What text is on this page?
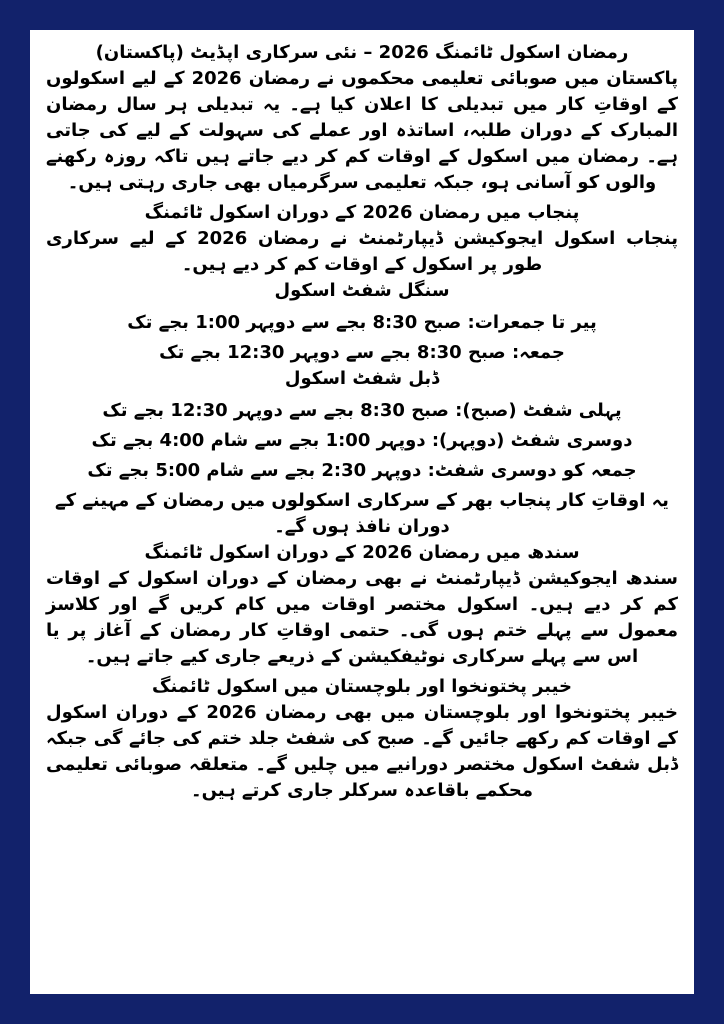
رمضان اسکول ٹائمنگ 2026 – نئی سرکاری اپڈیٹ (پاکستان)

پاکستان میں صوبائی تعلیمی محکموں نے رمضان 2026 کے لیے اسکولوں کے اوقاتِ کار میں تبدیلی کا اعلان کیا ہے۔ یہ تبدیلی ہر سال رمضان المبارک کے دوران طلبہ، اساتذہ اور عملے کی سہولت کے لیے کی جاتی ہے۔ رمضان میں اسکول کے اوقات کم کر دیے جاتے ہیں تاکہ روزہ رکھنے والوں کو آسانی ہو، جبکہ تعلیمی سرگرمیاں بھی جاری رہتی ہیں۔

پنجاب میں رمضان 2026 کے دوران اسکول ٹائمنگ

پنجاب اسکول ایجوکیشن ڈیپارٹمنٹ نے رمضان 2026 کے لیے سرکاری طور پر اسکول کے اوقات کم کر دیے ہیں۔

سنگل شفٹ اسکول

پیر تا جمعرات: صبح 8:30 بجے سے دوپہر 1:00 بجے تک

جمعہ: صبح 8:30 بجے سے دوپہر 12:30 بجے تک

ڈبل شفٹ اسکول

پہلی شفٹ (صبح): صبح 8:30 بجے سے دوپہر 12:30 بجے تک

دوسری شفٹ (دوپہر): دوپہر 1:00 بجے سے شام 4:00 بجے تک

جمعہ کو دوسری شفٹ: دوپہر 2:30 بجے سے شام 5:00 بجے تک

یہ اوقاتِ کار پنجاب بھر کے سرکاری اسکولوں میں رمضان کے مہینے کے دوران نافذ ہوں گے۔

سندھ میں رمضان 2026 کے دوران اسکول ٹائمنگ

سندھ ایجوکیشن ڈیپارٹمنٹ نے بھی رمضان کے دوران اسکول کے اوقات کم کر دیے ہیں۔ اسکول مختصر اوقات میں کام کریں گے اور کلاسز معمول سے پہلے ختم ہوں گی۔ حتمی اوقاتِ کار رمضان کے آغاز پر یا اس سے پہلے سرکاری نوٹیفکیشن کے ذریعے جاری کیے جاتے ہیں۔

خیبر پختونخوا اور بلوچستان میں اسکول ٹائمنگ

خیبر پختونخوا اور بلوچستان میں بھی رمضان 2026 کے دوران اسکول کے اوقات کم رکھے جائیں گے۔ صبح کی شفٹ جلد ختم کی جائے گی جبکہ ڈبل شفٹ اسکول مختصر دورانیے میں چلیں گے۔ متعلقہ صوبائی تعلیمی محکمے باقاعدہ سرکلر جاری کرتے ہیں۔
